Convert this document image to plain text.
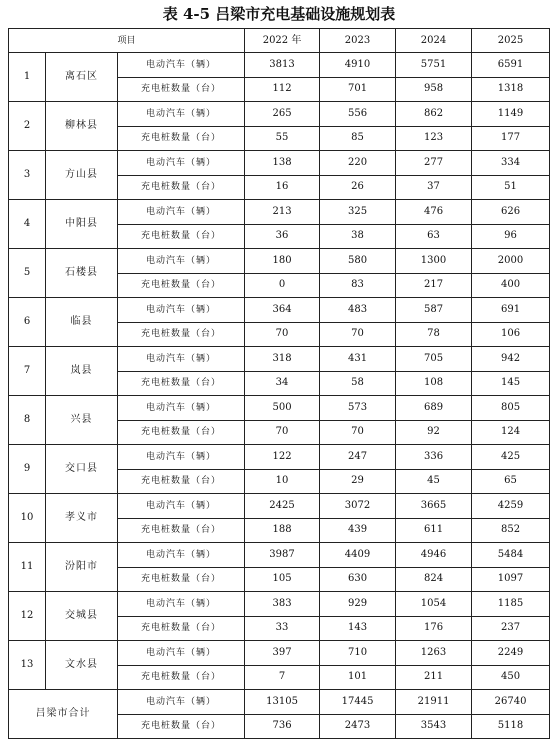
表 4-5 吕梁市充电基础设施规划表
项目			2022 年	2023	2024	2025
1	离石区	电动汽车（辆）	3813	4910	5751	6591
		充电桩数量（台）	112	701	958	1318
2	柳林县	电动汽车（辆）	265	556	862	1149
		充电桩数量（台）	55	85	123	177
3	方山县	电动汽车（辆）	138	220	277	334
		充电桩数量（台）	16	26	37	51
4	中阳县	电动汽车（辆）	213	325	476	626
		充电桩数量（台）	36	38	63	96
5	石楼县	电动汽车（辆）	180	580	1300	2000
		充电桩数量（台）	0	83	217	400
6	临县	电动汽车（辆）	364	483	587	691
		充电桩数量（台）	70	70	78	106
7	岚县	电动汽车（辆）	318	431	705	942
		充电桩数量（台）	34	58	108	145
8	兴县	电动汽车（辆）	500	573	689	805
		充电桩数量（台）	70	70	92	124
9	交口县	电动汽车（辆）	122	247	336	425
		充电桩数量（台）	10	29	45	65
10	孝义市	电动汽车（辆）	2425	3072	3665	4259
		充电桩数量（台）	188	439	611	852
11	汾阳市	电动汽车（辆）	3987	4409	4946	5484
		充电桩数量（台）	105	630	824	1097
12	交城县	电动汽车（辆）	383	929	1054	1185
		充电桩数量（台）	33	143	176	237
13	文水县	电动汽车（辆）	397	710	1263	2249
		充电桩数量（台）	7	101	211	450
吕梁市合计		电动汽车（辆）	13105	17445	21911	26740
		充电桩数量（台）	736	2473	3543	5118
